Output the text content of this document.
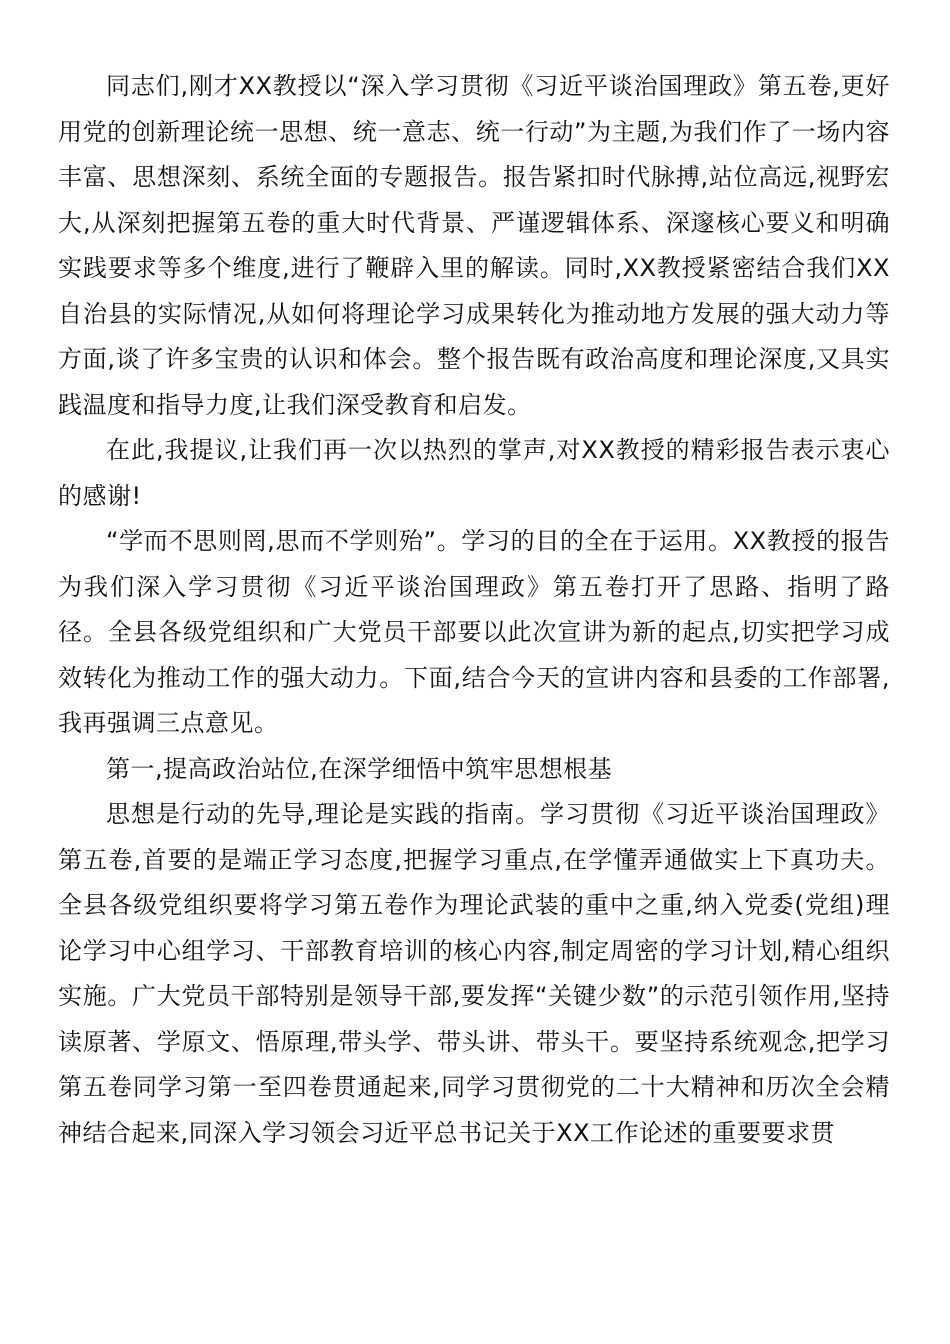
同志们,刚才XX教授以“深入学习贯彻《习近平谈治国理政》第五卷,更好用党的创新理论统一思想、统一意志、统一行动”为主题,为我们作了一场内容丰富、思想深刻、系统全面的专题报告。报告紧扣时代脉搏,站位高远,视野宏大,从深刻把握第五卷的重大时代背景、严谨逻辑体系、深邃核心要义和明确实践要求等多个维度,进行了鞭辟入里的解读。同时,XX教授紧密结合我们XX自治县的实际情况,从如何将理论学习成果转化为推动地方发展的强大动力等方面,谈了许多宝贵的认识和体会。整个报告既有政治高度和理论深度,又具实践温度和指导力度,让我们深受教育和启发。

在此,我提议,让我们再一次以热烈的掌声,对XX教授的精彩报告表示衷心的感谢!

“学而不思则罔,思而不学则殆”。学习的目的全在于运用。XX教授的报告为我们深入学习贯彻《习近平谈治国理政》第五卷打开了思路、指明了路径。全县各级党组织和广大党员干部要以此次宣讲为新的起点,切实把学习成效转化为推动工作的强大动力。下面,结合今天的宣讲内容和县委的工作部署,我再强调三点意见。

第一,提高政治站位,在深学细悟中筑牢思想根基

思想是行动的先导,理论是实践的指南。学习贯彻《习近平谈治国理政》第五卷,首要的是端正学习态度,把握学习重点,在学懂弄通做实上下真功夫。全县各级党组织要将学习第五卷作为理论武装的重中之重,纳入党委(党组)理论学习中心组学习、干部教育培训的核心内容,制定周密的学习计划,精心组织实施。广大党员干部特别是领导干部,要发挥“关键少数”的示范引领作用,坚持读原著、学原文、悟原理,带头学、带头讲、带头干。要坚持系统观念,把学习第五卷同学习第一至四卷贯通起来,同学习贯彻党的二十大精神和历次全会精神结合起来,同深入学习领会习近平总书记关于XX工作论述的重要要求贯
